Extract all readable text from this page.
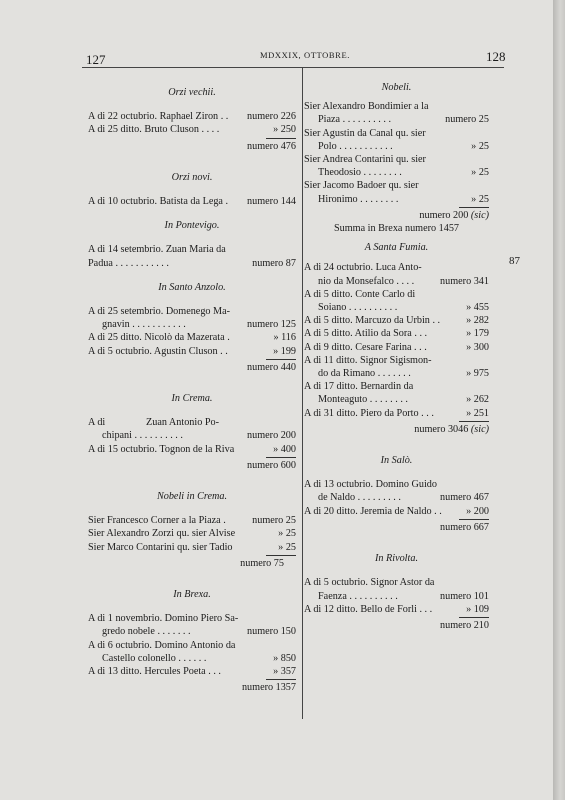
127	MDXXIX, OTTOBRE.	128
87
Orzi vechii.
A di 22 octubrio. Raphael Ziron . .	numero 226
A di 25 ditto. Bruto Cluson . . . .	» 250
numero 476
Orzi novi.
A di 10 octubrio. Batista da Lega .	numero 144
In Pontevigo.
A di 14 setembrio. Zuan Maria da
Padua . . . . . . . . . . .	numero 87
In Santo Anzolo.
A di 25 setembrio. Domenego Ma-
gnavin . . . . . . . . . . .	numero 125
A di 25 ditto. Nicolò da Mazerata .	» 116
A di 5 octubrio. Agustin Cluson . .	» 199
numero 440
In Crema.
A di                Zuan Antonio Po-
chipani . . . . . . . . . .	numero 200
A di 15 octubrio. Tognon de la Riva	» 400
numero 600
Nobeli in Crema.
Sier Francesco Corner a la Piaza .	numero 25
Sier Alexandro Zorzi qu. sier Alvise	» 25
Sier Marco Contarini qu. sier Tadio	» 25
numero 75
In Brexa.
A di 1 novembrio. Domino Piero Sa-
gredo nobele . . . . . . .	numero 150
A di 6 octubrio. Domino Antonio da
Castello colonello . . . . . .	» 850
A di 13 ditto. Hercules Poeta . . .	» 357
numero 1357
Nobeli.
Sier Alexandro Bondimier a la
Piaza . . . . . . . . . .	numero 25
Sier Agustin da Canal qu. sier
Polo . . . . . . . . . . .	» 25
Sier Andrea Contarini qu. sier
Theodosio . . . . . . . .	» 25
Sier Jacomo Badoer qu. sier
Hironimo . . . . . . . .	» 25
numero 200 (sic)
Summa in Brexa numero 1457
A Santa Fumia.
A di 24 octubrio. Luca Anto-
nio da Monsefalco . . . .	numero 341
A di 5 ditto. Conte Carlo di
Soiano . . . . . . . . . .	» 455
A di 5 ditto. Marcuzo da Urbin . .	» 282
A di 5 ditto. Atilio da Sora . . .	» 179
A di 9 ditto. Cesare Farina . . .	» 300
A di 11 ditto. Signor Sigismon-
do da Rimano . . . . . . .	» 975
A di 17 ditto. Bernardin da
Monteaguto . . . . . . . .	» 262
A di 31 ditto. Piero da Porto . . .	» 251
numero 3046 (sic)
In Salò.
A di 13 octubrio. Domino Guido
de Naldo . . . . . . . . .	numero 467
A di 20 ditto. Jeremia de Naldo . .	» 200
numero 667
In Rivolta.
A di 5 octubrio. Signor Astor da
Faenza . . . . . . . . . .	numero 101
A di 12 ditto. Bello de Forli . . .	» 109
numero 210
